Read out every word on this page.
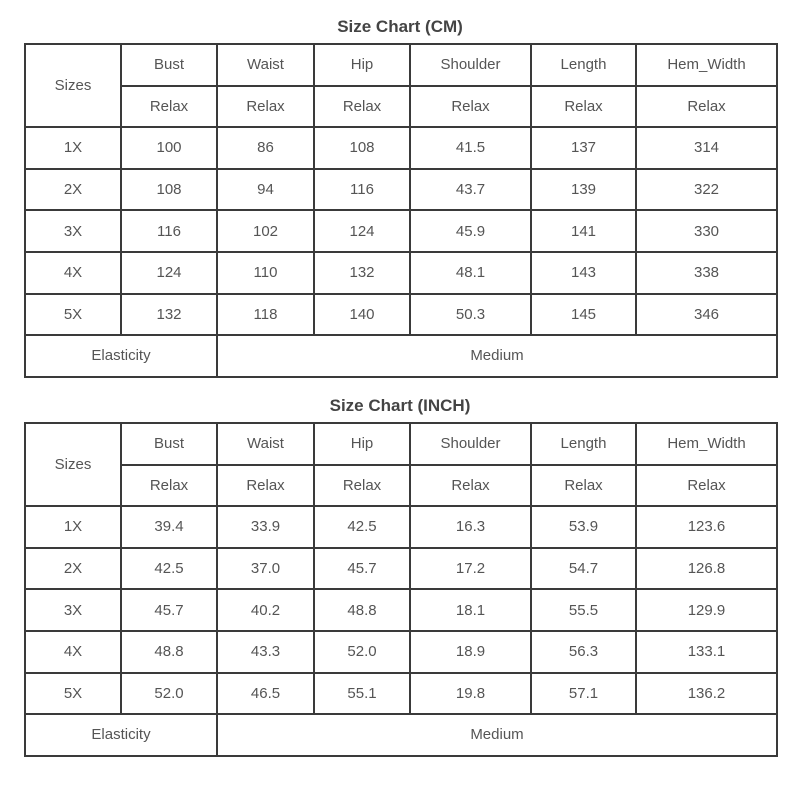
Size Chart (CM)
Sizes	Bust	Waist	Hip	Shoulder	Length	Hem_Width
	Relax	Relax	Relax	Relax	Relax	Relax
1X	100	86	108	41.5	137	314
2X	108	94	116	43.7	139	322
3X	116	102	124	45.9	141	330
4X	124	110	132	48.1	143	338
5X	132	118	140	50.3	145	346
Elasticity		Medium				
Size Chart (INCH)
Sizes	Bust	Waist	Hip	Shoulder	Length	Hem_Width
	Relax	Relax	Relax	Relax	Relax	Relax
1X	39.4	33.9	42.5	16.3	53.9	123.6
2X	42.5	37.0	45.7	17.2	54.7	126.8
3X	45.7	40.2	48.8	18.1	55.5	129.9
4X	48.8	43.3	52.0	18.9	56.3	133.1
5X	52.0	46.5	55.1	19.8	57.1	136.2
Elasticity		Medium				
